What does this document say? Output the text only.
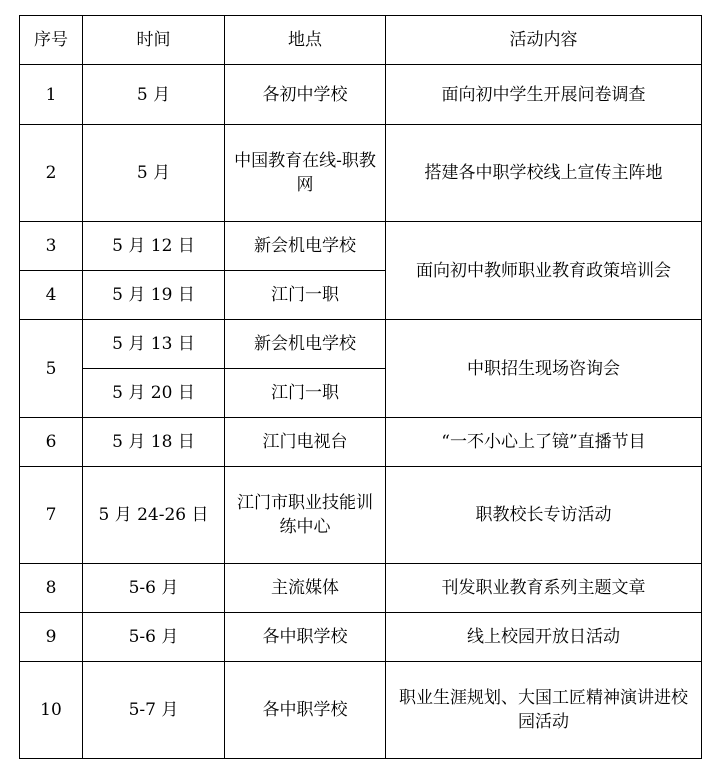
序号	时间	地点	活动内容
1	5 月	各初中学校	面向初中学生开展问卷调查
2	5 月	中国教育在线-职教网	搭建各中职学校线上宣传主阵地
3	5 月 12 日	新会机电学校	面向初中教师职业教育政策培训会
4	5 月 19 日	江门一职	
5	5 月 13 日	新会机电学校	中职招生现场咨询会
	5 月 20 日	江门一职	
6	5 月 18 日	江门电视台	“一不小心上了镜”直播节目
7	5 月 24-26 日	江门市职业技能训练中心	职教校长专访活动
8	5-6 月	主流媒体	刊发职业教育系列主题文章
9	5-6 月	各中职学校	线上校园开放日活动
10	5-7 月	各中职学校	职业生涯规划、大国工匠精神演讲进校园活动
